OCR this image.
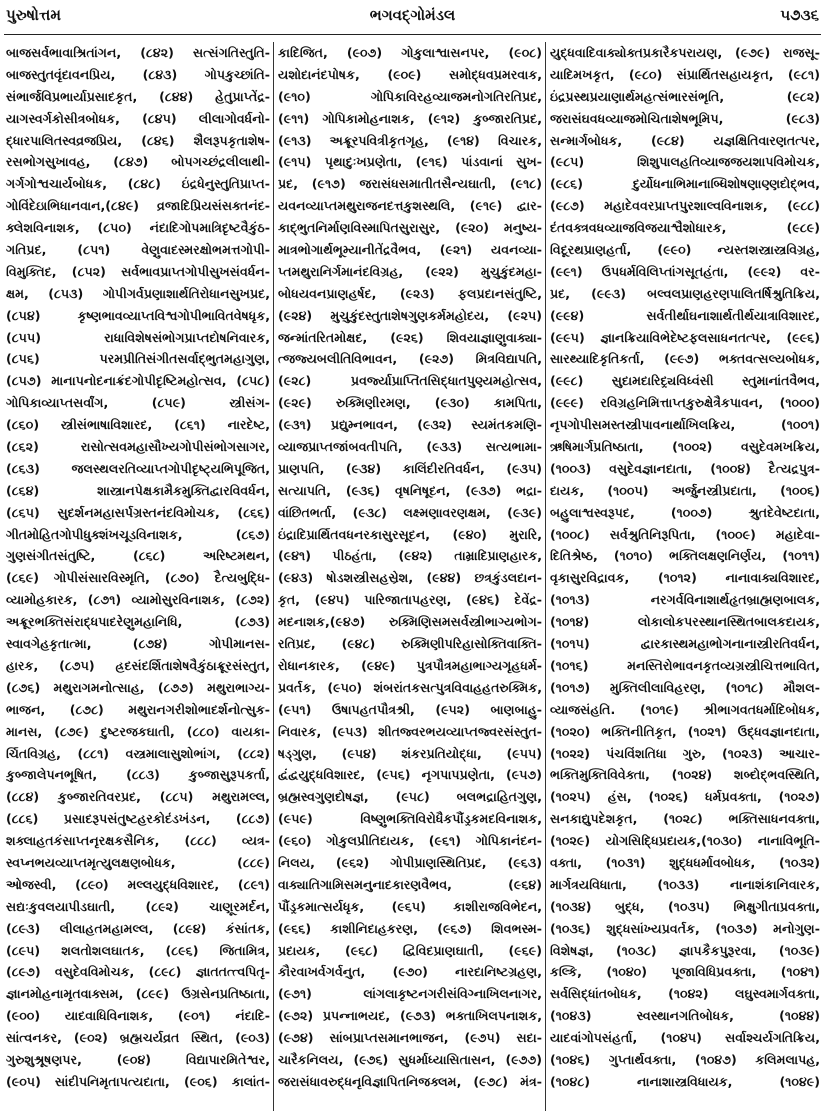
પુરુષોત્તમ	ભગવદ્ગોમંડલ	૫૭૩૬
બાજસર્વભાવાશ્રિતાંગન, (૮૪૨) સત્સંગતિસ્તુતિ-
બાજસ્તુતવૃંદાવનપ્રિય, (૮૪૩) ગોપકુચ્છાંતિ-
સંભાર્જવિપ્રભાર્યાપ્રસાદકૃત, (૮૪૪) હેતુપ્રાપ્તેંદ્ર-
યાગસ્વર્ગકોસીત્રબોધક, (૮૪૫) લીલાગોવર્ધનો-
દ્ધારપાલિતસ્વવ્રજપ્રિય, (૮૪૬) શૈલરૂપકૃતાશેષ-
રસભોગસુખાવહ, (૮૪૭) બોપગચ્છંદ્રલીલાથી-
ગર્ગગોશ્વચાર્યબોધક, (૮૪૮) ઇંદ્રધેનુસ્તુતિપ્રાપ્ત-
ગોવિંદેઇાભિધાનવાન,(૮૪૯) વ્રજાદિપ્રિયસંસક્તનંદ-
ક્લેશવિનાશક, (૮૫૦) નંદાદિગોપમાત્રિદૃષ્ટવૈકુંઠ-
ગતિપ્રદ, (૮૫૧) વેણુવાદસ્મરક્ષોભમત્તગોપી-
વિમુક્તિદ, (૮૫૨) સર્વભાવપ્રાપ્તગોપીસુખસંવર્ધન-
ક્ષમ, (૮૫૩) ગોપીગર્વપ્રણાશાર્થતિરોધાનસુખપ્રદ,
(૮૫૪) કૃષ્ણભાવવ્યાપ્તવિશ્વગોપીભાવિતવેષધૃક,
(૮૫૫) રાધાવિશેષસંભોગપ્રાપ્તદોષનિવારક,
(૮૫૬) પરમપ્રીતિસંગીતસર્વાદ્ભુતમહાગુણ,
(૮૫૭) માનાપનોદનાક્રંદગોપીદૃષ્ટિમહોત્સવ, (૮૫૮)
ગોપિકાવ્યાપ્તસર્વાંગ, (૮૫૯) સ્ત્રીસંગ-
(૮૬૦) સ્ત્રીસંભાષાવિશારદ, (૮૬૧) નારદેષ્ટ,
(૮૬૨) રાસોત્સવમહાસૌખ્યગોપીસંભોગસાગર,
(૮૬૩) જલસ્થલરતિવ્યાપ્તગોપીદૃષ્ટ્યભિપૂજિત,
(૮૬૪) શાસ્ત્રાનપેક્ષકામૈકમુક્તિદ્વારવિવર્ધન,
(૮૬૫) સુદર્શનમહાસર્પગ્રસ્તનંદવિમોચક, (૮૬૬)
ગીતમોહિતગોપીધુક્શંખચૂડવિનાશક, (૮૬૭)
ગુણસંગીતસંતુષ્ટિ, (૮૬૮) અરિષ્ટમથન,
(૮૬૯) ગોપીસંસારવિસ્મૃતિ, (૮૭૦) દૈત્યબુદ્ધિ-
વ્યામોહકારક, (૮૭૧) વ્યામોસુરવિનાશક, (૮૭૨)
અક્રૂરભક્તિસંરાદ્ધપાદરેણુમહાનિધિ, (૮૭૩)
સ્વાવગેહકૃતાત્મા, (૮૭૪) ગોપીમાનસ-
હારક, (૮૭૫) હ્રદસંદર્શિતાશેષવૈકુંઠાક્રૂરસંસ્તુત,
(૮૭૬) મથુરાગમનોત્સાહ, (૮૭૭) મથુરાભાગ્ય-
ભાજન, (૮૭૮) મથુરાનગરીશોભાદર્શનોત્સુક-
માનસ, (૮૭૯) દુષ્ટરજકઘાતી, (૮૮૦) વાયકા-
ર્ચિતવિગ્રહ, (૮૮૧) વસ્ત્રમાલાસુશોભાંગ, (૮૮૨)
કુબ્જાલેપનભૂષિત, (૮૮૩) કુબ્જાસુરૂપકર્તા,
(૮૮૪) કુબ્જારતિવરપ્રદ, (૮૮૫) મથુરામલ્લ,
(૮૮૬) પ્રસાદરૂપસંતુષ્ટહરકોદંડખંડન, (૮૮૭)
શક્લાહતકંસાપ્તનૃરક્ષકસૈનિક, (૮૮૮) વ્યત્ર-
સ્વપ્નભયવ્યાપ્તમૃત્યુલક્ષણબોધક, (૮૮૯)
ઓજસ્વી, (૮૯૦) મલ્લયુદ્ધવિશારદ, (૮૯૧)
સદ્યઃકુવલયાપીડઘાતી, (૮૯૨) ચાણૂરમર્દન,
(૮૯૩) લીલાહતમહામલ્લ, (૮૯૪) કંસાંતક,
(૮૯૫) શલતોશલઘાતક, (૮૯૬) જિતામિત્ર,
(૮૯૭) વસુદેવવિમોચક, (૮૯૮) જ્ઞાતતત્ત્વપિતૃ-
જ્ઞાનમોહનામૃતવાક્સમ, (૮૯૯) ઉગ્રસેનપ્રતિષ્ઠાતા,
(૯૦૦) યાદવાધિવિનાશક, (૯૦૧) નંદાદિ-
સાંત્વનકર, (૯૦૨) બ્રહ્મચર્યવ્રત સ્થિત, (૯૦૩)
ગુરુશુશ્રૂષણપર, (૯૦૪) વિદ્યાપારમિતેશ્વર,
(૯૦૫) સાંદીપનિમૃતાપત્યદાતા, (૯૦૬) કાલાંત-
કાદિજિત, (૯૦૭) ગોકુલાશ્વાસનપર, (૯૦૮)
યશોદાનંદપોષક, (૯૦૯) સમોદ્ધવપ્રમરવાક,
(૯૧૦) ગોપિકાવિરહવ્યાજમનોગતિરતિપ્રદ,
(૯૧૧) ગોપિકામોહનાશક, (૯૧૨) કુબ્જારતિપ્રદ,
(૯૧૩) અક્રૂરપવિત્રીકૃતગૃહ, (૯૧૪) વિચારક,
(૯૧૫) પૃથાદુઃખપ્રણેતા, (૯૧૬) પાંડવાનાં સુખ-
પ્રદ, (૯૧૭) જરાસંધસમાતીતસૈન્યઘાતી, (૯૧૮)
યવનવ્યાપ્તમથુરાજનદત્તકુશસ્થલિ, (૯૧૯) દ્વાર-
કાદ્ભુતનિર્માણવિસ્માપિતસુરાસુર, (૯૨૦) મનુષ્ય-
માત્રભોગાર્થભૂમ્યાનીતેંદ્રવૈભવ, (૯૨૧) યવનવ્યા-
પ્તમથુરાનિર્ગમાનંદવિગ્રહ, (૯૨૨) મુચુકુંદમહા-
બોધયવનપ્રાણહર્ષદ, (૯૨૩) ફલપ્રદાનસંતુષ્ટિ,
(૯૨૪) મુચુકુંદસ્તુતાશેષગુણકર્મમહોદય, (૯૨૫)
જન્માંતરિતમોક્ષદ, (૯૨૬) શિવયાજ્ઞાણુવાક્યા-
ત્જજ્યબલીતિવિભાવન, (૯૨૭) મિત્રવિદ્યાપતિ,
(૯૨૮) પ્રવર્જ્યાપ્રાપ્તિતસિદ્ધાતપુણ્યમહોત્સવ,
(૯૨૯) રુક્મિણીરમણ, (૯૩૦) કામપિતા,
(૯૩૧) પ્રદ્યુમ્નભાવન, (૯૩૨) સ્યમંતકમણિ-
વ્યાજપ્રાપ્તજાંબવતીપતિ, (૯૩૩) સત્યભામા-
પ્રાણપતિ, (૯૩૪) કાલિંદીરતિવર્ધન, (૯૩૫)
સત્યાપતિ, (૯૩૬) વૃષનિષૂદન, (૯૩૭) ભદ્રા-
વાંછિતભર્તા, (૯૩૮) લક્ષ્મણાવરણક્ષમ, (૯૩૯)
ઇંદ્રાદિપ્રાર્થિતવધનરકાસુરસૂદન, (૯૪૦) મુરારિ,
(૯૪૧) પીઠહંતા, (૯૪૨) તામ્રાદિપ્રાણહારક,
(૯૪૩) ષોડશસ્ત્રીસહસ્રેશ, (૯૪૪) છત્રકુંડલદાન-
કૃત, (૯૪૫) પારિજાતાપહરણ, (૯૪૬) દેવેંદ્ર-
મદનાશક,(૯૪૭) રુક્મિણિસમસર્વસ્ત્રીભાગ્યભોગ-
રતિપ્રદ, (૯૪૮) રુક્મિણીપરિહાસોક્તિવાક્તિ-
રોધાનકારક, (૯૪૯) પુત્રપૌત્રમહાભાગ્યગૃહધર્મ-
પ્રવર્તક, (૯૫૦) શંબરાંતકસત્પુત્રવિવાહહતરુક્મિક,
(૯૫૧) ઉષાપહતપૌત્રશ્રી, (૯૫૨) બાણબાહુ-
નિવારક, (૯૫૩) શીતજ્વરભયવ્યાપ્તજ્વરસંસ્તુત-
ષડ્ગુણ, (૯૫૪) શંકરપ્રતિયોદ્ધા, (૯૫૫)
દ્વંદ્વયુદ્ધવિશારદ, (૯૫૬) નૃગપાપપ્રણેતા, (૯૫૭)
બ્રહ્મસ્વગુણદોષજ્ઞ, (૯૫૮) બલભદ્રાહિતગુણ,
(૯૫૯) વિષ્ણુભક્તિવિરોધૈકપૌંડ્રકમદવિનાશક,
(૯૬૦) ગોકુલપ્રીતિદાયક, (૯૬૧) ગોપિકાનંદન-
નિલય, (૯૬૨) ગોપીપ્રાણસ્થિતિપ્રદ, (૯૬૩)
વાક્યાતિગામિસમનુનાદકારણવૈભવ, (૯૬૪)
પૌંડ્રકમાત્સર્યધૃક, (૯૬૫) કાશીરાજવિભેદન,
(૯૬૬) કાશીનિદાહકરણ, (૯૬૭) શિવભસ્મ-
પ્રદાયક, (૯૬૮) દ્વિવિદપ્રાણઘાતી, (૯૬૯)
કૌરવાખર્વગર્વનુત, (૯૭૦) નારદાનિષ્ટગ્રહણ,
(૯૭૧) લાંગલાકૃષ્ટનગરીસંવિગ્નાખિલનાગર,
(૯૭૨) પ્રપન્નાભયદ, (૯૭૩) ભક્તાખિલપનાશક,
(૯૭૪) સાંબપ્રાપ્તસમાનભાજન, (૯૭૫) સદા-
ચારૈકનિલય, (૯૭૬) સુધર્માધ્યાસિતાસન, (૯૭૭)
જરાસંધાવરુદ્ધનૃવિજ્ઞાપિતનિજક્લમ, (૯૭૮) મંત્ર-
યુદ્ધવાદિવાક્યોક્તપ્રકારૈકપરાયણ, (૯૭૯) રાજસૂ-
યાદિમખકૃત, (૯૮૦) સંપ્રાર્થિતસહાયકૃત, (૯૮૧)
ઇંદ્રપ્રસ્થપ્રયાણાર્થમહત્સંભારસંભૃતિ, (૯૮૨)
જરાસંઘવધવ્યાજમોચિતાશેષભૂમિપ, (૯૮૩)
સન્માર્ગબોધક, (૯૮૪) યજ્ઞક્ષિતિવારણતત્પર,
(૯૮૫) શિશુપાલહતિવ્યાજજયશાપવિમોચક,
(૯૮૬) દુર્યોધનાભિમાનાબ્ધિશોષણાણ્ણદોદ્ભવ,
(૯૮૭) મહાદેવવરપ્રાપ્તપુરશાલ્વવિનાશક, (૯૮૮)
દંતવક્ત્રવધવ્યાજવિજયાશ્વૈશોધારક, (૯૮૯)
વિદૂરથપ્રાણહર્તા, (૯૯૦) ન્યસ્તશસ્ત્રાસ્ત્રવિગ્રહ,
(૯૯૧) ઉપધર્મવિલિપ્તાંગસૂતહંતા, (૯૯૨) વર-
પ્રદ, (૯૯૩) બલ્વલપ્રાણહરણપાલિતર્ષિશ્રુતિક્રિય,
(૯૯૪) સર્વતીર્થાઘનાશાર્થતીર્થયાત્રાવિશારદ,
(૯૯૫) જ્ઞાનક્રિયાવિભેદેષ્ટફલસાધનતત્પર, (૯૯૬)
સારથ્યાદિકૃતિકર્તા, (૯૯૭) ભક્તવત્સલ્યબોધક,
(૯૯૮) સુદામદારિદ્ર્યવિધ્વંસી સ્તુમાનાંતવૈભવ,
(૯૯૯) રવિગ્રહનિમિત્તાપ્તકુરુક્ષેત્રૈકપાવન, (૧૦૦૦)
નૃપગોપીસમસ્તસ્ત્રીપાવનાર્થાખિલક્રિય, (૧૦૦૧)
ઋષિમાર્ગપ્રતિષ્ઠાતા, (૧૦૦૨) વસુદેવમખક્રિય,
(૧૦૦૩) વસુદેવજ્ઞાનદાતા, (૧૦૦૪) દૈત્યદ્રપુત્ર-
દાયક, (૧૦૦૫) અર્જુનસ્ત્રીપ્રદાતા, (૧૦૦૬)
બહુલાશ્વસ્વરૂપદ, (૧૦૦૭) શ્રુતદેવેષ્ટદાતા,
(૧૦૦૮) સર્વશ્રુતિનિરૂપિતા, (૧૦૦૯) મહાદેવા-
દિતિશ્રેષ્ઠ, (૧૦૧૦) ભક્તિલક્ષણનિર્ણય, (૧૦૧૧)
વૃકાસુરવિદ્રાવક, (૧૦૧૨) નાનાવાક્યવિશારદ,
(૧૦૧૩) નરગર્વવિનાશાર્થહૃતબ્રાહ્મણબાલક,
(૧૦૧૪) લોકાલોકપરસ્થાનસ્થિતબાલકદાયક,
(૧૦૧૫) દ્વારકાસ્થમહાભોગનાનાસ્ત્રીરતિવર્ધન,
(૧૦૧૬) મનસ્તિરોભાવનકૃતવ્યગ્રસ્ત્રીચિત્તભાવિત,
(૧૦૧૭) મુક્તિલીલાવિહરણ, (૧૦૧૮) મૌશલ-
વ્યાજસંહતિ. (૧૦૧૯) શ્રીભાગવતધર્માદિબોધક,
(૧૦૨૦) ભક્તિનીતિકૃત, (૧૦૨૧) ઉદ્ધવજ્ઞાનદાતા,
(૧૦૨૨) પંચવિંશતિધા ગુરુ, (૧૦૨૩) આચાર-
ભક્તિમુક્તિવિવેક્તા, (૧૦૨૪) શબ્દોદ્ભવસ્થિતિ,
(૧૦૨૫) હંસ, (૧૦૨૬) ધર્મપ્રવક્તા, (૧૦૨૭)
સનકાદ્યુપદેશકૃત, (૧૦૨૮) ભક્તિસાધનવક્તા,
(૧૦૨૯) યોગસિદ્ધિપ્રદાયક,(૧૦૩૦) નાનાવિભૂતિ-
વક્તા, (૧૦૩૧) શુદ્ધધર્માવબોધક, (૧૦૩૨)
માર્ગત્રયવિધાતા, (૧૦૩૩) નાનાશંકાનિવારક,
(૧૦૩૪) બુદ્ધ, (૧૦૩૫) ભિક્ષુગીતાપ્રવક્તા,
(૧૦૩૬) શુદ્ધસાંખ્યપ્રવર્તક, (૧૦૩૭) મનોગુણ-
વિશેષજ્ઞ, (૧૦૩૮) જ્ઞાપકૈકપુરૂરવા, (૧૦૩૯)
કલ્કિ, (૧૦૪૦) પૂજાવિધિપ્રવક્તા, (૧૦૪૧)
સર્વસિદ્ધાંતબોધક, (૧૦૪૨) લઘુસ્વમાર્ગવક્તા,
(૧૦૪૩) સ્વસ્થાનગતિબોધક, (૧૦૪૪)
યાદવાંગોપસંહર્તા, (૧૦૪૫) સર્વાશ્ચર્યગતિક્રિય,
(૧૦૪૬) ગુપ્તાર્થવક્તા, (૧૦૪૭) કલિમલાપહ,
(૧૦૪૮) નાનાશાસ્ત્રવિધાયક, (૧૦૪૯)
